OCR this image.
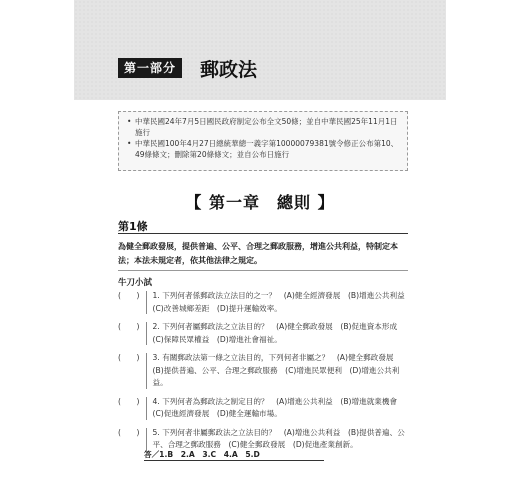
第一部分	郵政法
• 中華民國24年7月5日國民政府制定公布全文50條；並自中華民國25年11月1日施行
• 中華民國100年4月27日總統華總一義字第10000079381號令修正公布第10、49條條文；刪除第20條條文；並自公布日施行
【 第一章　總則 】
第1條
為健全郵政發展，提供普遍、公平、合理之郵政服務，增進公共利益，特制定本法；本法未規定者，依其他法律之規定。
牛刀小試
(　) 1. 下列何者係郵政法立法目的之一？　(A)健全經濟發展　(B)增進公共利益　(C)改善城鄉差距　(D)提升運輸效率。
(　) 2. 下列何者屬郵政法之立法目的？　(A)健全郵政發展　(B)促進資本形成　(C)保障民眾權益　(D)增進社會福祉。
(　) 3. 有關郵政法第一條之立法目的，下列何者非屬之？　(A)健全郵政發展　(B)提供普遍、公平、合理之郵政服務　(C)增進民眾便利　(D)增進公共利益。
(　) 4. 下列何者為郵政法之制定目的？　(A)增進公共利益　(B)增進就業機會　(C)促進經濟發展　(D)健全運輸市場。
(　) 5. 下列何者非屬郵政法之立法目的？　(A)增進公共利益　(B)提供普遍、公平、合理之郵政服務　(C)健全郵政發展　(D)促進產業創新。
答／1.B　2.A　3.C　4.A　5.D
